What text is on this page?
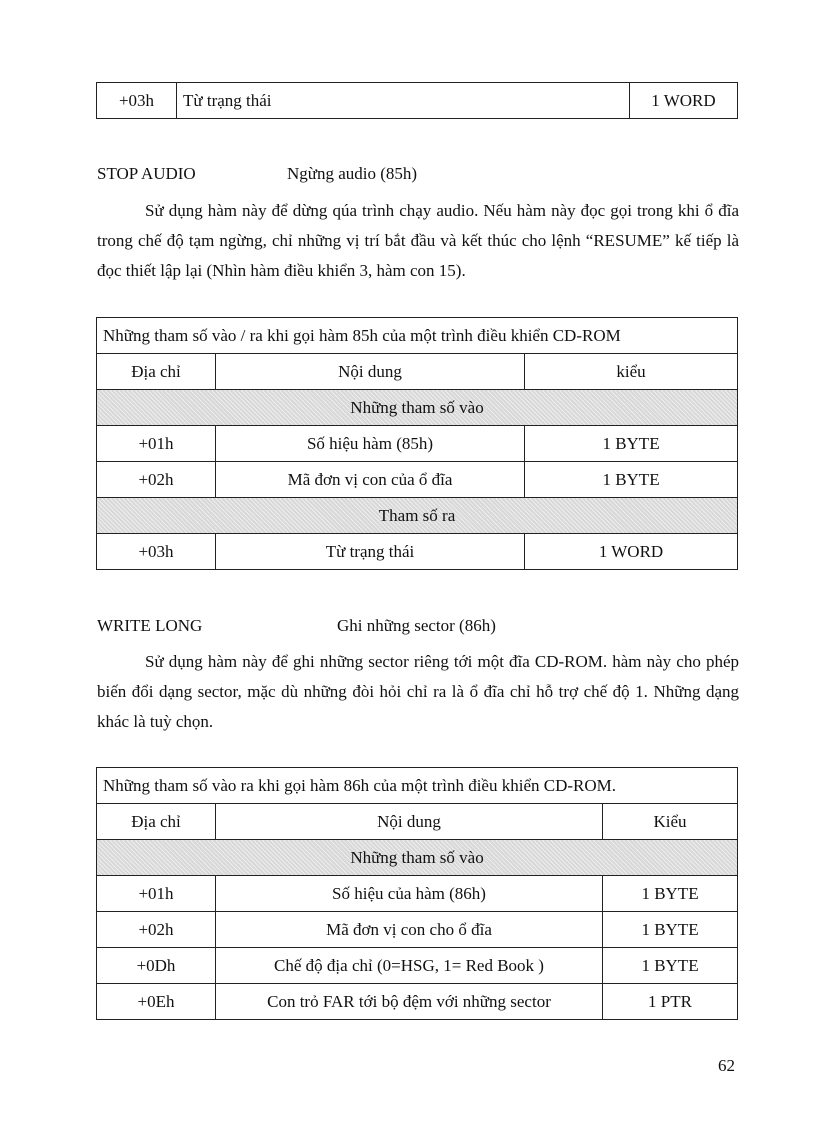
+03h	Từ trạng thái	1 WORD
STOP AUDIO	Ngừng audio (85h)

Sử dụng hàm này để dừng qúa trình chạy audio. Nếu hàm này đọc gọi trong khi ổ đĩa trong chế độ tạm ngừng, chỉ những vị trí bắt đầu và kết thúc cho lệnh “RESUME” kế tiếp là đọc thiết lập lại (Nhìn hàm điều khiển 3, hàm con 15).

Những tham số vào / ra khi gọi hàm 85h của một trình điều khiển CD-ROM		
Địa chỉ	Nội dung	kiểu
Những tham số vào		
+01h	Số hiệu hàm (85h)	1 BYTE
+02h	Mã đơn vị con của ổ đĩa	1 BYTE
Tham số ra		
+03h	Từ trạng thái	1 WORD
WRITE LONG	Ghi những sector (86h)

Sử dụng hàm này để ghi những sector riêng tới một đĩa CD-ROM. hàm này cho phép biến đổi dạng sector, mặc dù những đòi hỏi chỉ ra là ổ đĩa chỉ hỗ trợ chế độ 1. Những dạng khác là tuỳ chọn.

Những tham số vào ra khi gọi hàm 86h của một trình điều khiển CD-ROM.		
Địa chỉ	Nội dung	Kiểu
Những tham số vào		
+01h	Số hiệu của hàm (86h)	1 BYTE
+02h	Mã đơn vị con cho ổ đĩa	1 BYTE
+0Dh	Chế độ địa chỉ (0=HSG, 1= Red Book )	1 BYTE
+0Eh	Con trỏ FAR tới bộ đệm với những sector	1 PTR
62
